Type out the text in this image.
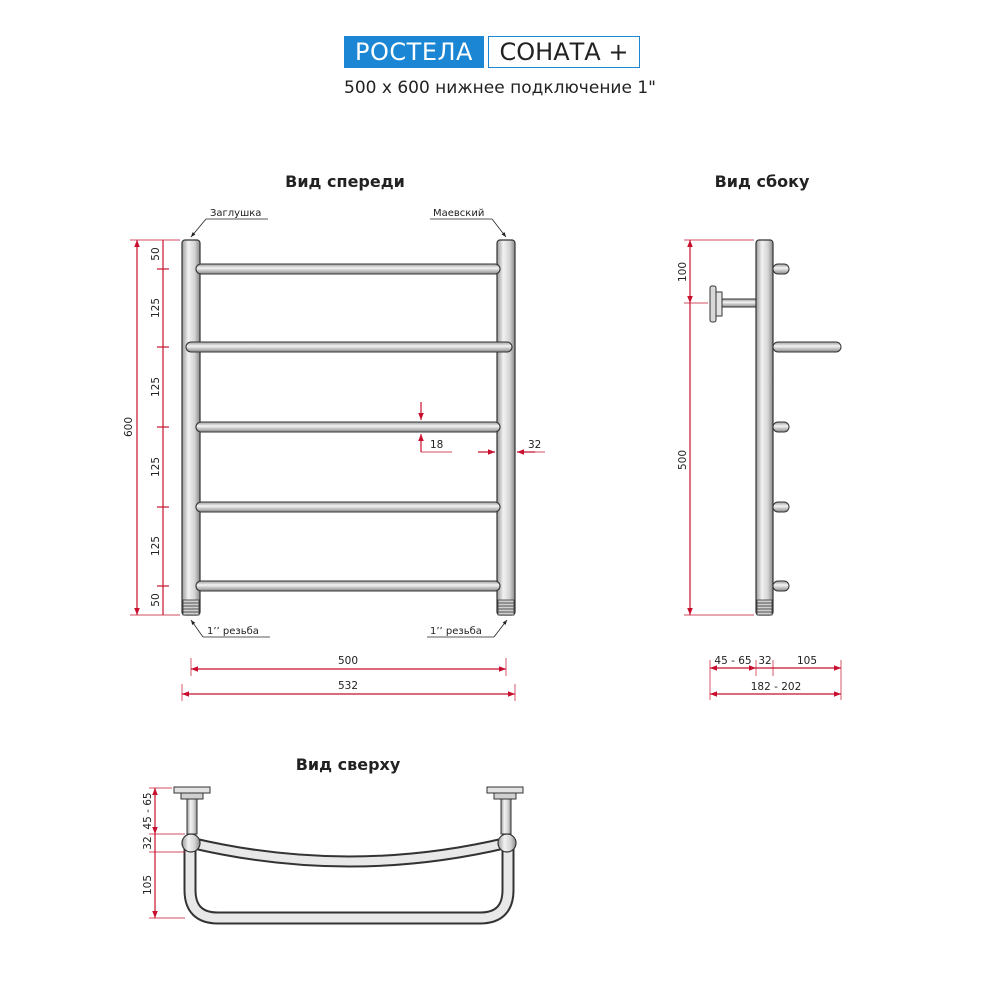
РОСТЕЛА	СОНАТА +
500 x 600 нижнее подключение 1"
Вид спереди
Заглушка	Маевский
1’’ резьба	1’’ резьба
600
50
125
125
125
125
50
18	32
500
532
Вид сбоку
100
500
45 - 65 32 105
182 - 202
Вид сверху
45 - 65
32
105
